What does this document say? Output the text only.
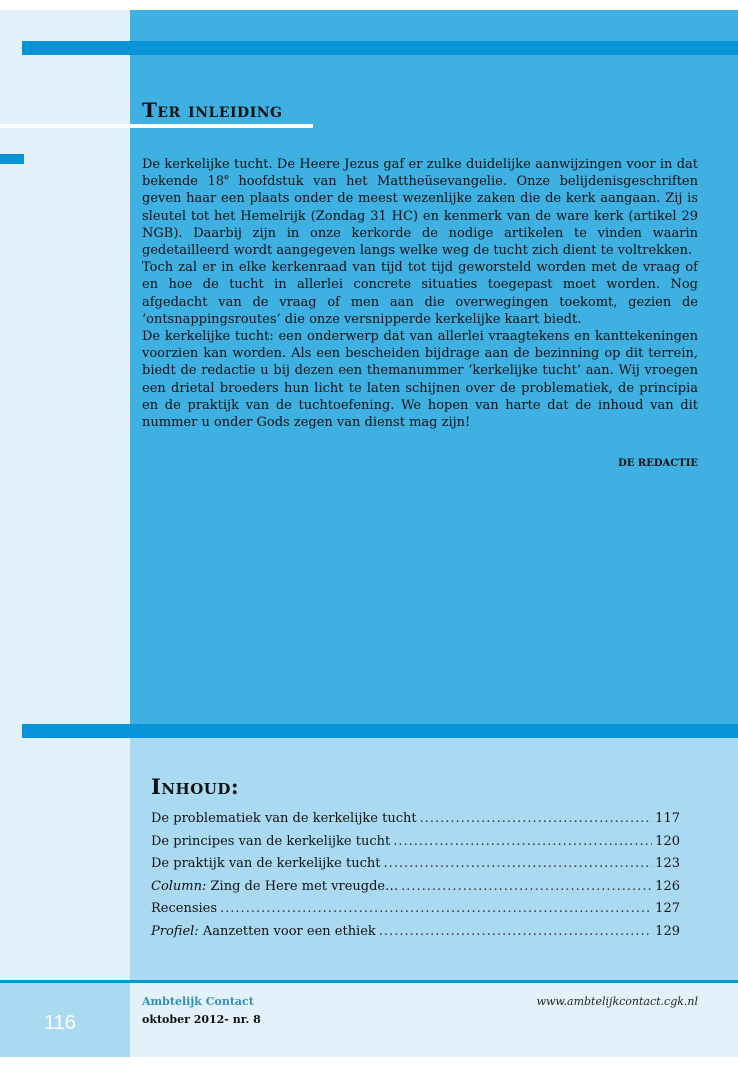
Ter inleiding

De kerkelijke tucht. De Heere Jezus gaf er zulke duidelijke aanwijzingen voor in dat bekende 18e hoofdstuk van het Mattheüsevangelie. Onze belijdenisgeschriften geven haar een plaats onder de meest wezenlijke zaken die de kerk aangaan. Zij is sleutel tot het Hemelrijk (Zondag 31 HC) en kenmerk van de ware kerk (artikel 29 NGB). Daarbij zijn in onze kerkorde de nodige artikelen te vinden waarin gedetailleerd wordt aangegeven langs welke weg de tucht zich dient te voltrekken.

Toch zal er in elke kerkenraad van tijd tot tijd geworsteld worden met de vraag of en hoe de tucht in allerlei concrete situaties toegepast moet worden. Nog afgedacht van de vraag of men aan die overwegingen toekomt, gezien de ‘ontsnappingsroutes’ die onze versnipperde kerkelijke kaart biedt.

De kerkelijke tucht: een onderwerp dat van allerlei vraagtekens en kanttekeningen voorzien kan worden. Als een bescheiden bijdrage aan de bezinning op dit terrein, biedt de redactie u bij dezen een themanummer ‘kerkelijke tucht’ aan. Wij vroegen een drietal broeders hun licht te laten schijnen over de problematiek, de principia en de praktijk van de tuchtoefening. We hopen van harte dat de inhoud van dit nummer u onder Gods zegen van dienst mag zijn!

DE REDACTIE
Inhoud:
De problematiek van de kerkelijke tucht .....	117
De principes van de kerkelijke tucht .....	120
De praktijk van de kerkelijke tucht .....	123
Column: Zing de Here met vreugde… .....	126
Recensies .....	127
Profiel: Aanzetten voor een ethiek .....	129
Ambtelijk Contact
oktober 2012- nr. 8
www.ambtelijkcontact.cgk.nl
116
